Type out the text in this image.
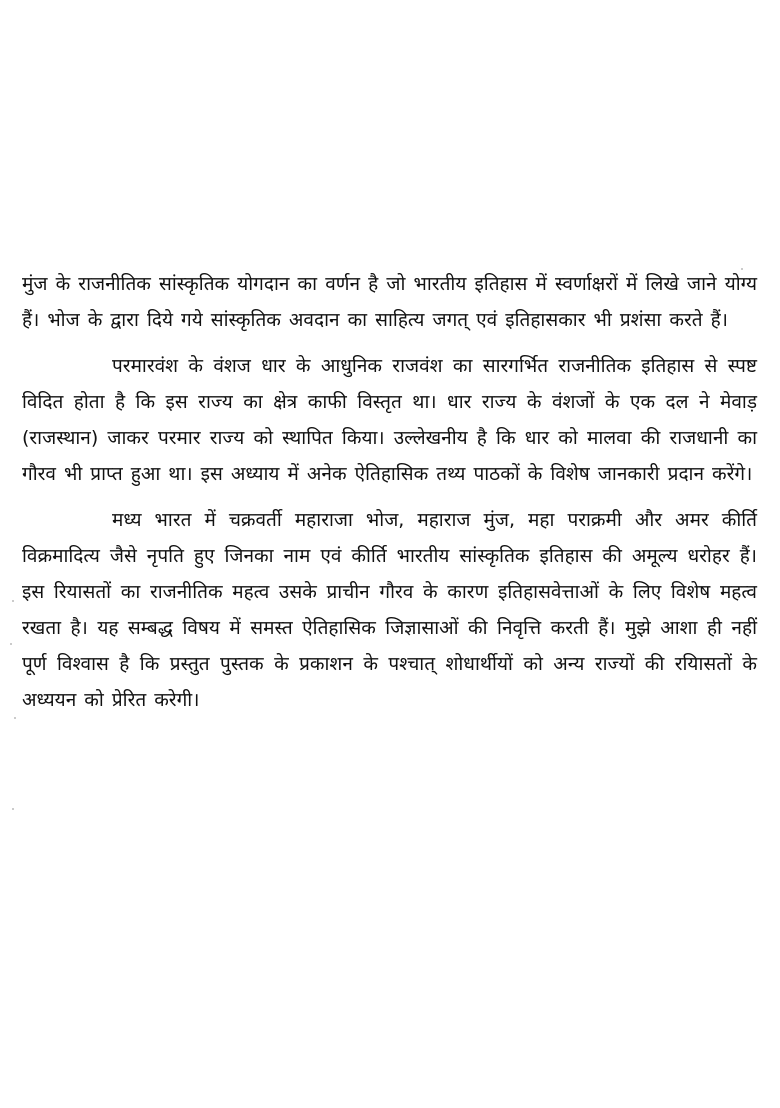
मुंज के राजनीतिक सांस्कृतिक योगदान का वर्णन है जो भारतीय इतिहास में स्वर्णाक्षरों में लिखे जाने योग्य हैं। भोज के द्वारा दिये गये सांस्कृतिक अवदान का साहित्य जगत् एवं इतिहासकार भी प्रशंसा करते हैं।

परमारवंश के वंशज धार के आधुनिक राजवंश का सारगर्भित राजनीतिक इतिहास से स्पष्ट विदित होता है कि इस राज्य का क्षेत्र काफी विस्तृत था। धार राज्य के वंशजों के एक दल ने मेवाड़ (राजस्थान) जाकर परमार राज्य को स्थापित किया। उल्लेखनीय है कि धार को मालवा की राजधानी का गौरव भी प्राप्त हुआ था। इस अध्याय में अनेक ऐतिहासिक तथ्य पाठकों के विशेष जानकारी प्रदान करेंगे।

मध्य भारत में चक्रवर्ती महाराजा भोज, महाराज मुंज, महा पराक्रमी और अमर कीर्ति विक्रमादित्य जैसे नृपति हुए जिनका नाम एवं कीर्ति भारतीय सांस्कृतिक इतिहास की अमूल्य धरोहर हैं। इस रियासतों का राजनीतिक महत्व उसके प्राचीन गौरव के कारण इतिहासवेत्ताओं के लिए विशेष महत्व रखता है। यह सम्बद्ध विषय में समस्त ऐतिहासिक जिज्ञासाओं की निवृत्ति करती हैं। मुझे आशा ही नहीं पूर्ण विश्वास है कि प्रस्तुत पुस्तक के प्रकाशन के पश्चात् शोधार्थीयों को अन्य राज्यों की रयिासतों के अध्ययन को प्रेरित करेगी।
